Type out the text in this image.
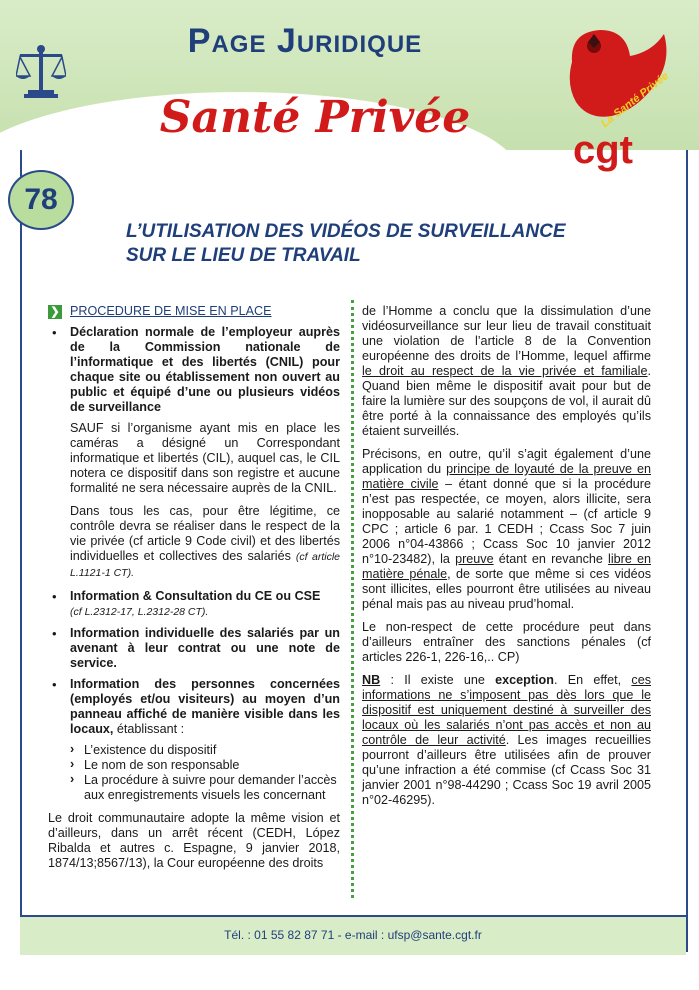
Page Juridique
Santé Privée	La Santé Privée
cgt
78
L’UTILISATION DES VIDÉOS DE SURVEILLANCE
SUR LE LIEU DE TRAVAIL
❯ PROCEDURE DE MISE EN PLACE
• Déclaration normale de l’employeur auprès de la Commission nationale de l’informatique et des libertés (CNIL) pour chaque site ou établissement non ouvert au public et équipé d’une ou plusieurs vidéos de surveillance

SAUF si l’organisme ayant mis en place les caméras a désigné un Correspondant informatique et libertés (CIL), auquel cas, le CIL notera ce dispositif dans son registre et aucune formalité ne sera nécessaire auprès de la CNIL.

Dans tous les cas, pour être légitime, ce contrôle devra se réaliser dans le respect de la vie privée (cf article 9 Code civil) et des libertés individuelles et collectives des salariés (cf article L.1121-1 CT).

• Information & Consultation du CE ou CSE
(cf L.2312-17, L.2312-28 CT).
• Information individuelle des salariés par un avenant à leur contrat ou une note de service.
• Information des personnes concernées (employés et/ou visiteurs) au moyen d’un panneau affiché de manière visible dans les locaux, établissant :
› L’existence du dispositif
› Le nom de son responsable
› La procédure à suivre pour demander l’accès aux enregistrements visuels les concernant

Le droit communautaire adopte la même vision et d’ailleurs, dans un arrêt récent (CEDH, López Ribalda et autres c. Espagne, 9 janvier 2018, 1874/13;8567/13), la Cour européenne des droits

de l’Homme a conclu que la dissimulation d’une vidéosurveillance sur leur lieu de travail constituait une violation de l’article 8 de la Convention européenne des droits de l’Homme, lequel affirme le droit au respect de la vie privée et familiale. Quand bien même le dispositif avait pour but de faire la lumière sur des soupçons de vol, il aurait dû être porté à la connaissance des employés qu’ils étaient surveillés.

Précisons, en outre, qu’il s’agit également d’une application du principe de loyauté de la preuve en matière civile – étant donné que si la procédure n’est pas respectée, ce moyen, alors illicite, sera inopposable au salarié notamment – (cf article 9 CPC ; article 6 par. 1 CEDH ; Ccass Soc 7 juin 2006 n°04-43866 ; Ccass Soc 10 janvier 2012 n°10-23482), la preuve étant en revanche libre en matière pénale, de sorte que même si ces vidéos sont illicites, elles pourront être utilisées au niveau pénal mais pas au niveau prud’homal.

Le non-respect de cette procédure peut dans d’ailleurs entraîner des sanctions pénales (cf articles 226-1, 226-16,.. CP)

NB : Il existe une exception. En effet, ces informations ne s’imposent pas dès lors que le dispositif est uniquement destiné à surveiller des locaux où les salariés n’ont pas accès et non au contrôle de leur activité. Les images recueillies pourront d’ailleurs être utilisées afin de prouver qu’une infraction a été commise (cf Ccass Soc 31 janvier 2001 n°98-44290 ; Ccass Soc 19 avril 2005 n°02-46295).

Tél. : 01 55 82 87 71 - e-mail : ufsp@sante.cgt.fr
